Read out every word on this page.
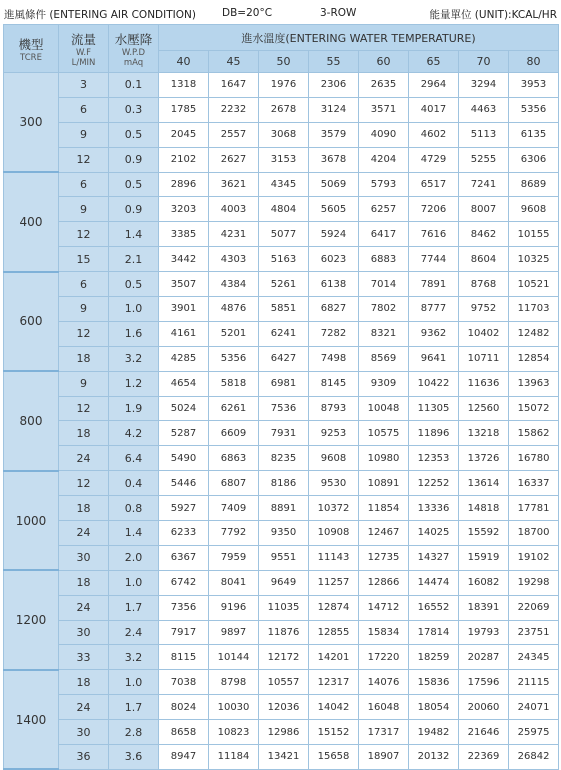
進風條件 (ENTERING AIR CONDITION) DB=20°C	3-ROW	能量單位 (UNIT):KCAL/HR
機型
TCRE	流量
W.F
L/MIN	水壓降
W.P.D
mAq	進水溫度(ENTERING WATER TEMPERATURE)							
			40	45	50	55	60	65	70	80
300	3	0.1	1318	1647	1976	2306	2635	2964	3294	3953
	6	0.3	1785	2232	2678	3124	3571	4017	4463	5356
	9	0.5	2045	2557	3068	3579	4090	4602	5113	6135
	12	0.9	2102	2627	3153	3678	4204	4729	5255	6306
400	6	0.5	2896	3621	4345	5069	5793	6517	7241	8689
	9	0.9	3203	4003	4804	5605	6257	7206	8007	9608
	12	1.4	3385	4231	5077	5924	6417	7616	8462	10155
	15	2.1	3442	4303	5163	6023	6883	7744	8604	10325
600	6	0.5	3507	4384	5261	6138	7014	7891	8768	10521
	9	1.0	3901	4876	5851	6827	7802	8777	9752	11703
	12	1.6	4161	5201	6241	7282	8321	9362	10402	12482
	18	3.2	4285	5356	6427	7498	8569	9641	10711	12854
800	9	1.2	4654	5818	6981	8145	9309	10422	11636	13963
	12	1.9	5024	6261	7536	8793	10048	11305	12560	15072
	18	4.2	5287	6609	7931	9253	10575	11896	13218	15862
	24	6.4	5490	6863	8235	9608	10980	12353	13726	16780
1000	12	0.4	5446	6807	8186	9530	10891	12252	13614	16337
	18	0.8	5927	7409	8891	10372	11854	13336	14818	17781
	24	1.4	6233	7792	9350	10908	12467	14025	15592	18700
	30	2.0	6367	7959	9551	11143	12735	14327	15919	19102
1200	18	1.0	6742	8041	9649	11257	12866	14474	16082	19298
	24	1.7	7356	9196	11035	12874	14712	16552	18391	22069
	30	2.4	7917	9897	11876	12855	15834	17814	19793	23751
	33	3.2	8115	10144	12172	14201	17220	18259	20287	24345
1400	18	1.0	7038	8798	10557	12317	14076	15836	17596	21115
	24	1.7	8024	10030	12036	14042	16048	18054	20060	24071
	30	2.8	8658	10823	12986	15152	17317	19482	21646	25975
	36	3.6	8947	11184	13421	15658	18907	20132	22369	26842
